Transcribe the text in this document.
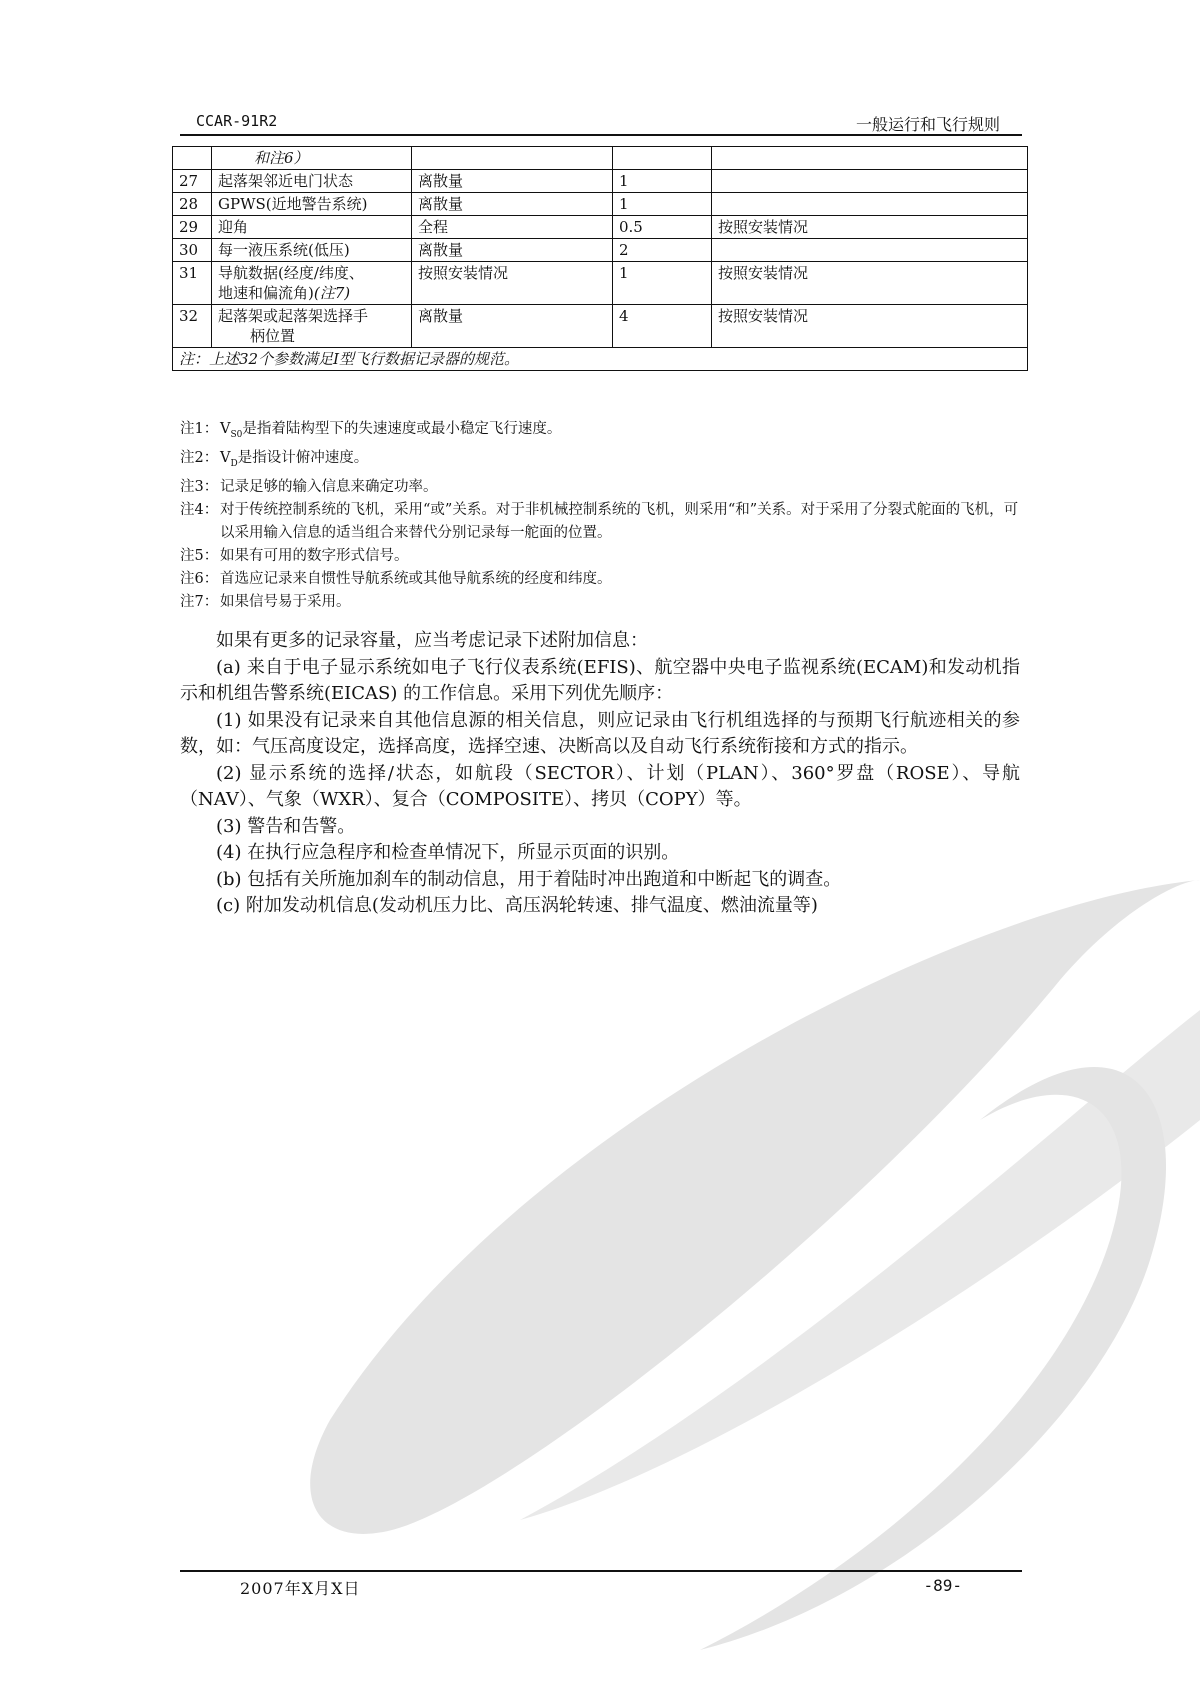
CCAR-91R2	一般运行和飞行规则
	和注6）			
27	起落架邻近电门状态	离散量	1	
28	GPWS(近地警告系统)	离散量	1	
29	迎角	全程	0.5	按照安装情况
30	每一液压系统(低压)	离散量	2	
31	导航数据(经度/纬度、
地速和偏流角)(注7)	按照安装情况	1	按照安装情况
32	起落架或起落架选择手
柄位置	离散量	4	按照安装情况
注：上述32个参数满足I型飞行数据记录器的规范。				
注1： $V_{S0}$是指着陆构型下的失速速度或最小稳定飞行速度。
注2： $V_D$是指设计俯冲速度。
注3： 记录足够的输入信息来确定功率。
注4： 对于传统控制系统的飞机，采用“或”关系。对于非机械控制系统的飞机，则采用“和”关系。对于采用了分裂式舵面的飞机，可以采用输入信息的适当组合来替代分别记录每一舵面的位置。
注5： 如果有可用的数字形式信号。
注6： 首选应记录来自惯性导航系统或其他导航系统的经度和纬度。
注7： 如果信号易于采用。

如果有更多的记录容量，应当考虑记录下述附加信息：

(a) 来自于电子显示系统如电子飞行仪表系统(EFIS)、航空器中央电子监视系统(ECAM)和发动机指示和机组告警系统(EICAS) 的工作信息。采用下列优先顺序：

(1) 如果没有记录来自其他信息源的相关信息，则应记录由飞行机组选择的与预期飞行航迹相关的参数，如：气压高度设定，选择高度，选择空速、决断高以及自动飞行系统衔接和方式的指示。

(2) 显示系统的选择/状态，如航段（SECTOR）、计划（PLAN）、360°罗盘（ROSE）、导航（NAV）、气象（WXR）、复合（COMPOSITE）、拷贝（COPY）等。

(3) 警告和告警。

(4) 在执行应急程序和检查单情况下，所显示页面的识别。

(b) 包括有关所施加刹车的制动信息，用于着陆时冲出跑道和中断起飞的调查。

(c) 附加发动机信息(发动机压力比、高压涡轮转速、排气温度、燃油流量等)

2007年X月X日	-89-
